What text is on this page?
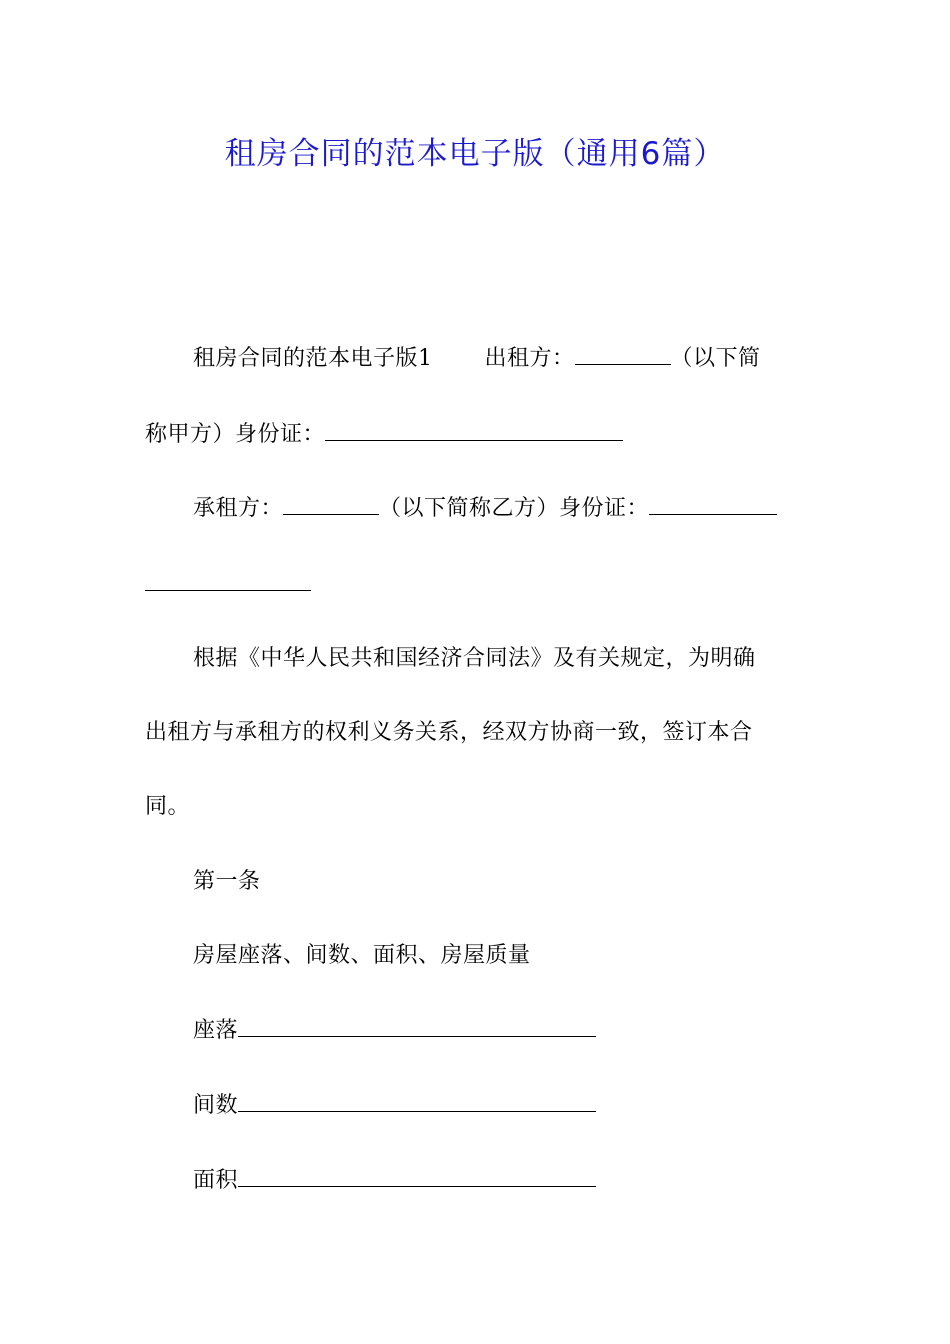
租房合同的范本电子版（通用6篇）
租房合同的范本电子版1 出租方：	（以下简
称甲方）身份证：
承租方：	（以下简称乙方）身份证：
根据《中华人民共和国经济合同法》及有关规定，为明确
出租方与承租方的权利义务关系，经双方协商一致，签订本合
同。
第一条
房屋座落、间数、面积、房屋质量
座落
间数
面积
